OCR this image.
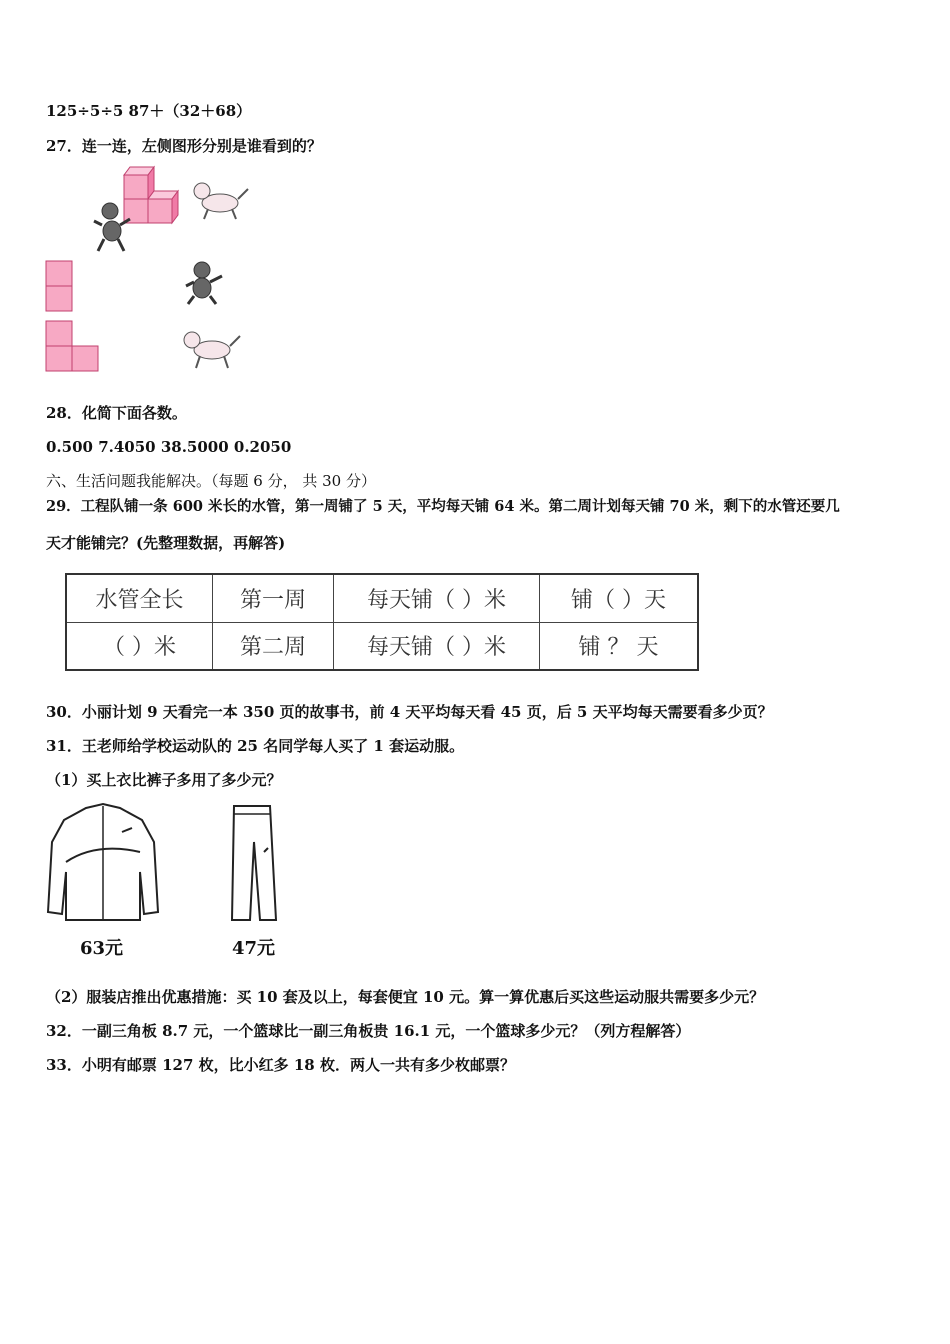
125÷5÷5 87＋（32＋68）
27．连一连，左侧图形分别是谁看到的？
28．化简下面各数。
0.500 7.4050 38.5000 0.2050
六、生活问题我能解决。（每题 6 分， 共 30 分）
29．工程队铺一条 600 米长的水管，第一周铺了 5 天，平均每天铺 64 米。第二周计划每天铺 70 米，剩下的水管还要几
天才能铺完？(先整理数据，再解答)
水管全长	第一周	每天铺（ ）米	铺（ ）天
（ ）米	第二周	每天铺（ ）米	铺 ？ 天
30．小丽计划 9 天看完一本 350 页的故事书，前 4 天平均每天看 45 页，后 5 天平均每天需要看多少页？
31．王老师给学校运动队的 25 名同学每人买了 1 套运动服。
（1）买上衣比裤子多用了多少元？
63元	47元
（2）服装店推出优惠措施：买 10 套及以上，每套便宜 10 元。算一算优惠后买这些运动服共需要多少元？
32．一副三角板 8.7 元，一个篮球比一副三角板贵 16.1 元，一个篮球多少元？（列方程解答）
33．小明有邮票 127 枚，比小红多 18 枚．两人一共有多少枚邮票？
